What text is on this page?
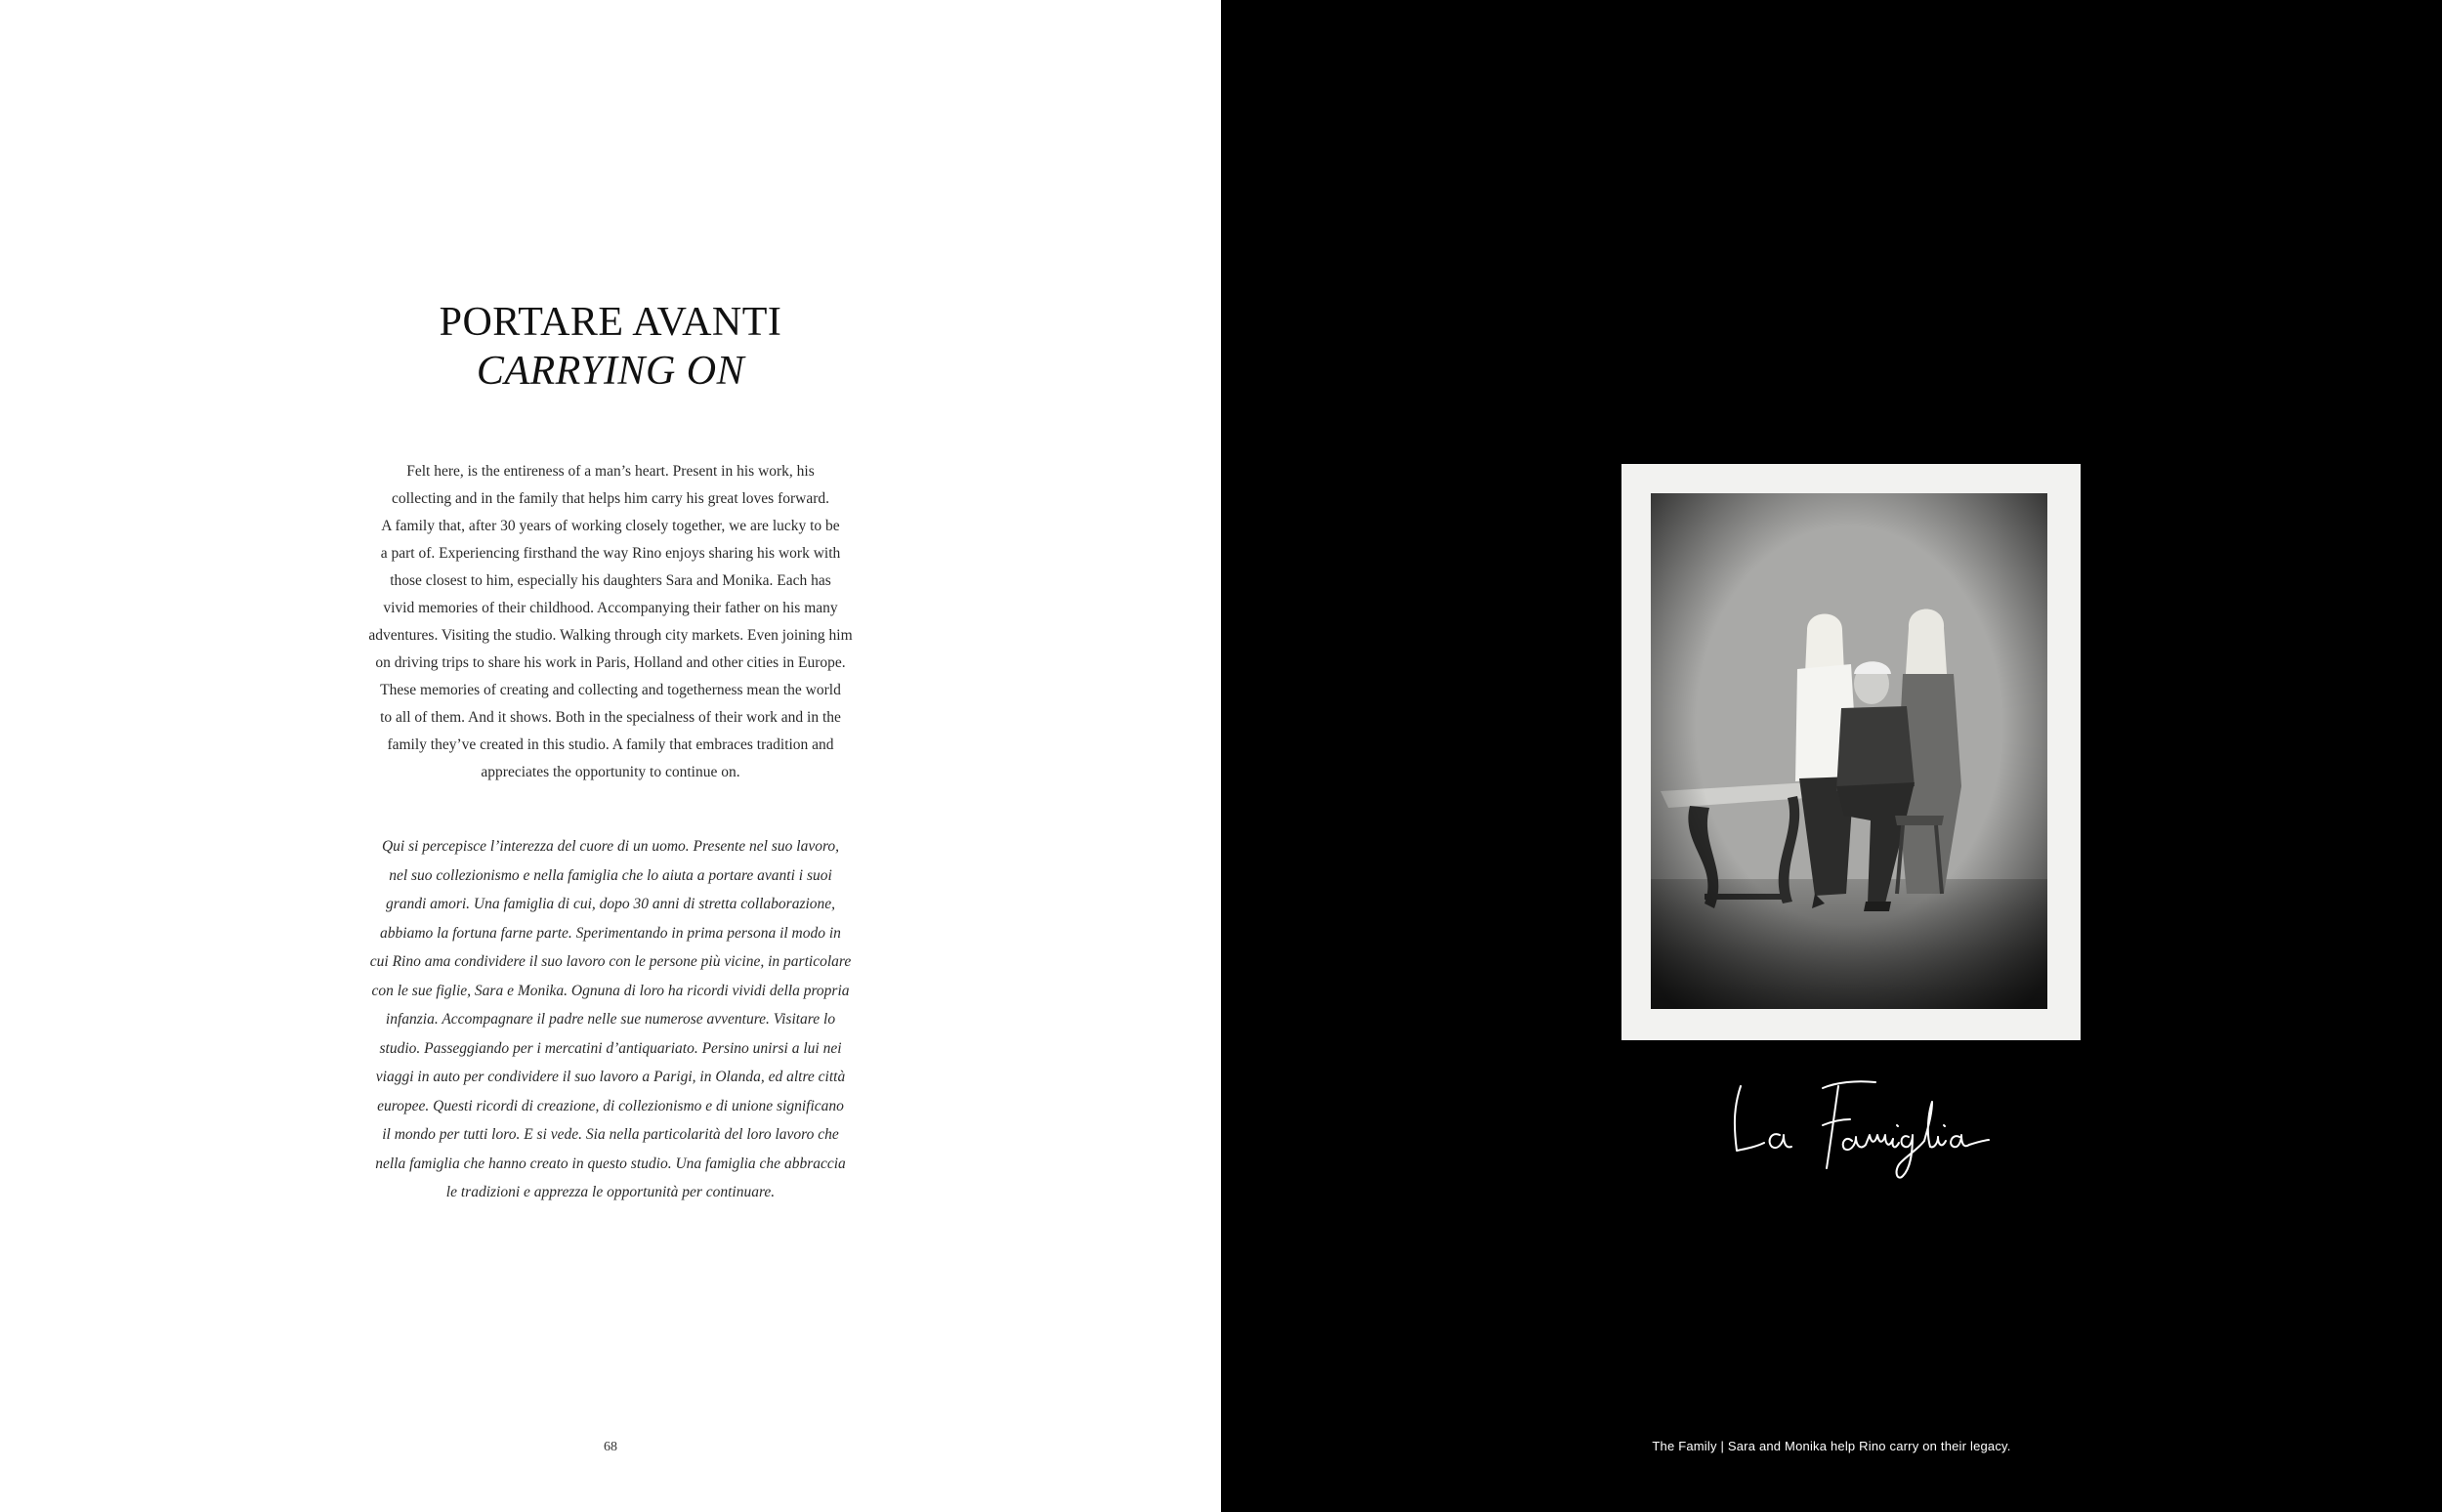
PORTARE AVANTI
CARRYING ON
Felt here, is the entireness of a man’s heart. Present in his work, his
collecting and in the family that helps him carry his great loves forward.
A family that, after 30 years of working closely together, we are lucky to be
a part of. Experiencing firsthand the way Rino enjoys sharing his work with
those closest to him, especially his daughters Sara and Monika. Each has
vivid memories of their childhood. Accompanying their father on his many
adventures. Visiting the studio. Walking through city markets. Even joining him
on driving trips to share his work in Paris, Holland and other cities in Europe.
These memories of creating and collecting and togetherness mean the world
to all of them. And it shows. Both in the specialness of their work and in the
family they’ve created in this studio. A family that embraces tradition and
appreciates the opportunity to continue on.
Qui si percepisce l’interezza del cuore di un uomo. Presente nel suo lavoro,
nel suo collezionismo e nella famiglia che lo aiuta a portare avanti i suoi
grandi amori. Una famiglia di cui, dopo 30 anni di stretta collaborazione,
abbiamo la fortuna farne parte. Sperimentando in prima persona il modo in
cui Rino ama condividere il suo lavoro con le persone più vicine, in particolare
con le sue figlie, Sara e Monika. Ognuna di loro ha ricordi vividi della propria
infanzia. Accompagnare il padre nelle sue numerose avventure. Visitare lo
studio. Passeggiando per i mercatini d’antiquariato. Persino unirsi a lui nei
viaggi in auto per condividere il suo lavoro a Parigi, in Olanda, ed altre città
europee. Questi ricordi di creazione, di collezionismo e di unione significano
il mondo per tutti loro. E si vede. Sia nella particolarità del loro lavoro che
nella famiglia che hanno creato in questo studio. Una famiglia che abbraccia
le tradizioni e apprezza le opportunità per continuare.
68	The Family | Sara and Monika help Rino carry on their legacy.
